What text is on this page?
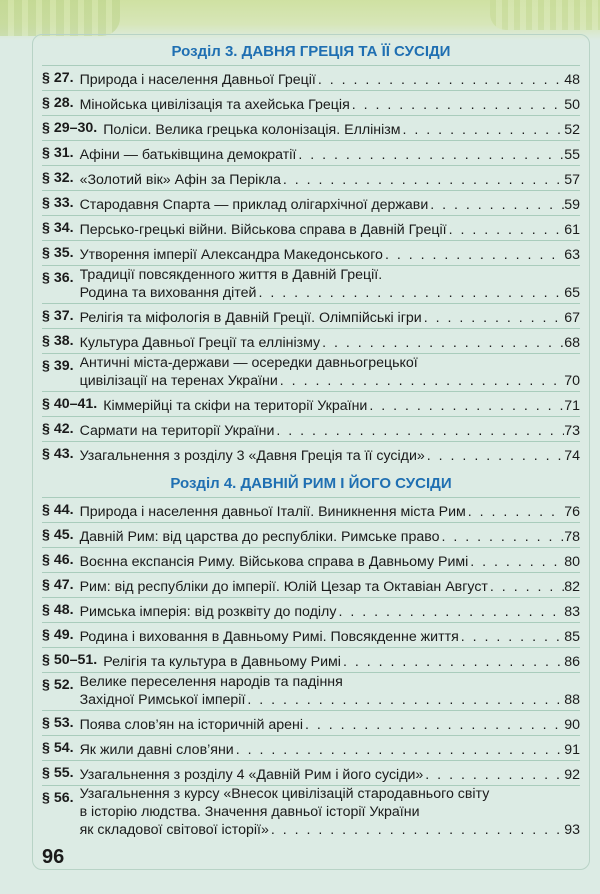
Розділ 3. ДАВНЯ ГРЕЦІЯ ТА ЇЇ СУСІДИ
§ 27. Природа і населення Давньої Греції . . .	48
§ 28. Мінойська цивілізація та ахейська Греція . . .	50
§ 29–30. Поліси. Велика грецька колонізація. Еллінізм . . .	52
§ 31. Афіни — батьківщина демократії . . .	55
§ 32. «Золотий вік» Афін за Перікла . . .	57
§ 33. Стародавня Спарта — приклад олігархічної держави . . .	59
§ 34. Персько-грецькі війни. Військова справа в Давній Греції . . .	61
§ 35. Утворення імперії Александра Македонського . . .	63
§ 36. Традиції повсякденного життя в Давній Греції.
Родина та виховання дітей . . .	65
§ 37. Релігія та міфологія в Давній Греції. Олімпійські ігри . . .	67
§ 38. Культура Давньої Греції та еллінізму . . .	68
§ 39. Античні міста-держави — осередки давньогрецької
цивілізації на теренах України . . .	70
§ 40–41. Кіммерійці та скіфи на території України . . .	71
§ 42. Сармати на території України . . .	73
§ 43. Узагальнення з розділу 3 «Давня Греція та її сусіди» . . .	74
Розділ 4. ДАВНІЙ РИМ І ЙОГО СУСІДИ
§ 44. Природа і населення давньої Італії. Виникнення міста Рим . . .	76
§ 45. Давній Рим: від царства до республіки. Римське право . . .	78
§ 46. Воєнна експансія Риму. Військова справа в Давньому Римі . . .	80
§ 47. Рим: від республіки до імперії. Юлій Цезар та Октавіан Август . . .	82
§ 48. Римська імперія: від розквіту до поділу . . .	83
§ 49. Родина і виховання в Давньому Римі. Повсякденне життя . . .	85
§ 50–51. Релігія та культура в Давньому Римі . . .	86
§ 52. Велике переселення народів та падіння
Західної Римської імперії . . .	88
§ 53. Поява слов’ян на історичній арені . . .	90
§ 54. Як жили давні слов’яни . . .	91
§ 55. Узагальнення з розділу 4 «Давній Рим і його сусіди» . . .	92
§ 56. Узагальнення з курсу «Внесок цивілізацій стародавнього світу
в історію людства. Значення давньої історії України
як складової світової історії» . . .	93
96
